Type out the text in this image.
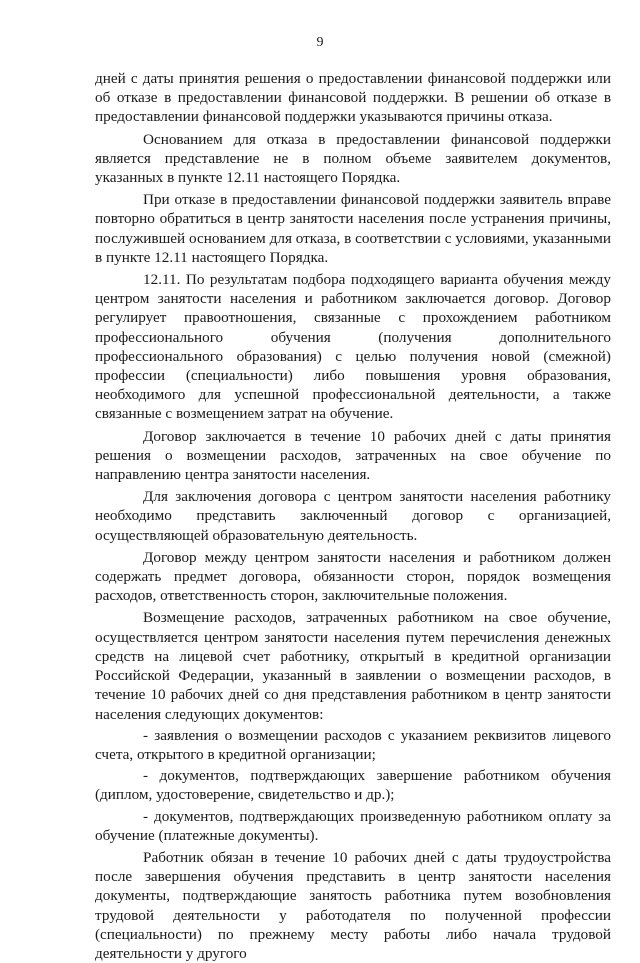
9

дней с даты принятия решения о предоставлении финансовой поддержки или об отказе в предоставлении финансовой поддержки. В решении об отказе в предоставлении финансовой поддержки указываются причины отказа.

Основанием для отказа в предоставлении финансовой поддержки является представление не в полном объеме заявителем документов, указанных в пункте 12.11 настоящего Порядка.

При отказе в предоставлении финансовой поддержки заявитель вправе повторно обратиться в центр занятости населения после устранения причины, послужившей основанием для отказа, в соответствии с условиями, указанными в пункте 12.11 настоящего Порядка.

12.11. По результатам подбора подходящего варианта обучения между центром занятости населения и работником заключается договор. Договор регулирует правоотношения, связанные с прохождением работником профессионального обучения (получения дополнительного профессионального образования) с целью получения новой (смежной) профессии (специальности) либо повышения уровня образования, необходимого для успешной профессиональной деятельности, а также связанные с возмещением затрат на обучение.

Договор заключается в течение 10 рабочих дней с даты принятия решения о возмещении расходов, затраченных на свое обучение по направлению центра занятости населения.

Для заключения договора с центром занятости населения работнику необходимо представить заключенный договор с организацией, осуществляющей образовательную деятельность.

Договор между центром занятости населения и работником должен содержать предмет договора, обязанности сторон, порядок возмещения расходов, ответственность сторон, заключительные положения.

Возмещение расходов, затраченных работником на свое обучение, осуществляется центром занятости населения путем перечисления денежных средств на лицевой счет работнику, открытый в кредитной организации Российской Федерации, указанный в заявлении о возмещении расходов, в течение 10 рабочих дней со дня представления работником в центр занятости населения следующих документов:

- заявления о возмещении расходов с указанием реквизитов лицевого счета, открытого в кредитной организации;

- документов, подтверждающих завершение работником обучения (диплом, удостоверение, свидетельство и др.);

- документов, подтверждающих произведенную работником оплату за обучение (платежные документы).

Работник обязан в течение 10 рабочих дней с даты трудоустройства после завершения обучения представить в центр занятости населения документы, подтверждающие занятость работника путем возобновления трудовой деятельности у работодателя по полученной профессии (специальности) по прежнему месту работы либо начала трудовой деятельности у другого
